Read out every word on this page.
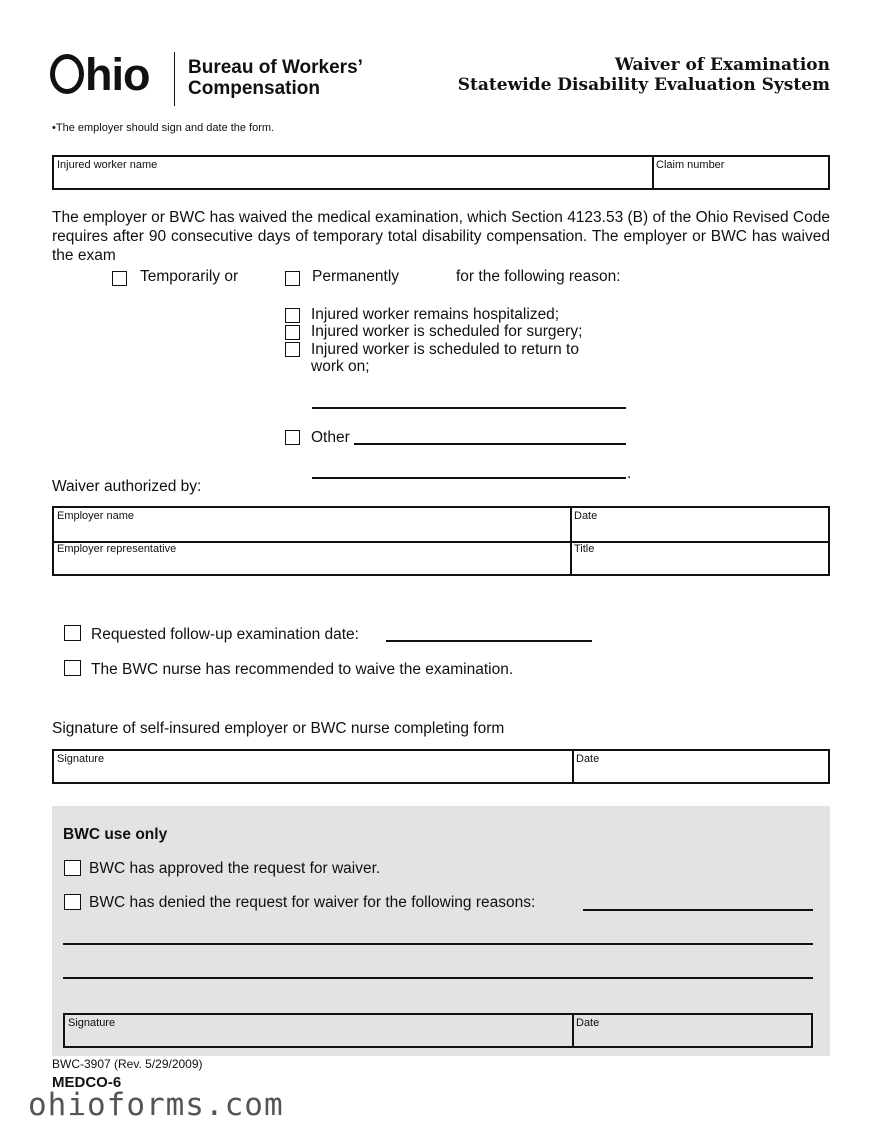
hio Bureau of Workers’
Compensation
Waiver of Examination
Statewide Disability Evaluation System
•The employer should sign and date the form.
Injured worker name	Claim number
The employer or BWC has waived the medical examination, which Section 4123.53 (B) of the Ohio Revised Code requires after 90 consecutive days of temporary total disability compensation. The employer or BWC has waived the exam
Temporarily or	Permanently	for the following reason:
Injured worker remains hospitalized;
Injured worker is scheduled for surgery;
Injured worker is scheduled to return to
work on;
Other
.
Waiver authorized by:
Employer name	Date
Employer representative	Title
Requested follow-up examination date:
The BWC nurse has recommended to waive the examination.
Signature of self-insured employer or BWC nurse completing form
Signature	Date
BWC use only
BWC has approved the request for waiver.
BWC has denied the request for waiver for the following reasons:
Signature	Date
BWC-3907 (Rev. 5/29/2009)
MEDCO-6
ohioforms.com
